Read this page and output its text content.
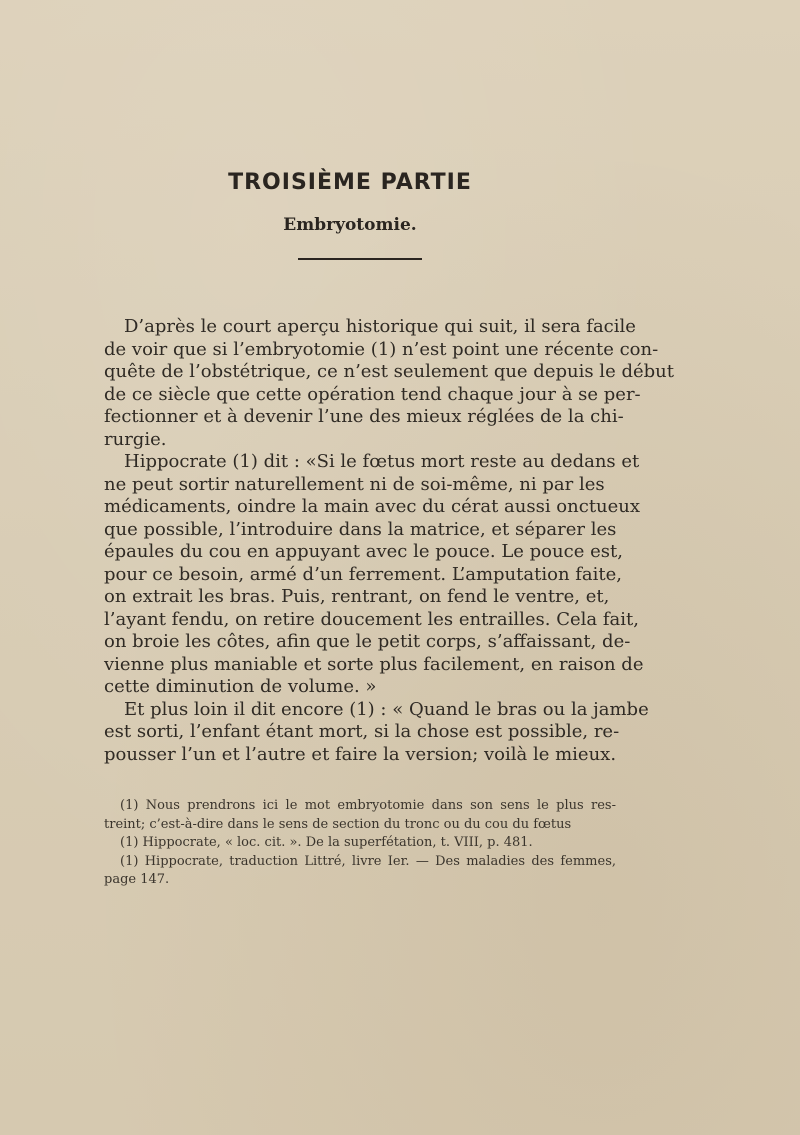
TROISIÈME PARTIE
Embryotomie.
D’après le court aperçu historique qui suit, il sera facile
de voir que si l’embryotomie (1) n’est point une récente con-
quête de l’obstétrique, ce n’est seulement que depuis le début
de ce siècle que cette opération tend chaque jour à se per-
fectionner et à devenir l’une des mieux réglées de la chi-
rurgie.
Hippocrate (1) dit : «Si le fœtus mort reste au dedans et
ne peut sortir naturellement ni de soi-même, ni par les
médicaments, oindre la main avec du cérat aussi onctueux
que possible, l’introduire dans la matrice, et séparer les
épaules du cou en appuyant avec le pouce. Le pouce est,
pour ce besoin, armé d’un ferrement. L’amputation faite,
on extrait les bras. Puis, rentrant, on fend le ventre, et,
l’ayant fendu, on retire doucement les entrailles. Cela fait,
on broie les côtes, afin que le petit corps, s’affaissant, de-
vienne plus maniable et sorte plus facilement, en raison de
cette diminution de volume. »
Et plus loin il dit encore (1) : « Quand le bras ou la jambe
est sorti, l’enfant étant mort, si la chose est possible, re-
pousser l’un et l’autre et faire la version; voilà le mieux.
(1) Nous prendrons ici le mot embryotomie dans son sens le plus res-
treint; c’est-à-dire dans le sens de section du tronc ou du cou du fœtus
(1) Hippocrate, « loc. cit. ». De la superfétation, t. VIII, p. 481.
(1) Hippocrate, traduction Littré, livre Ier. — Des maladies des femmes,
page 147.
